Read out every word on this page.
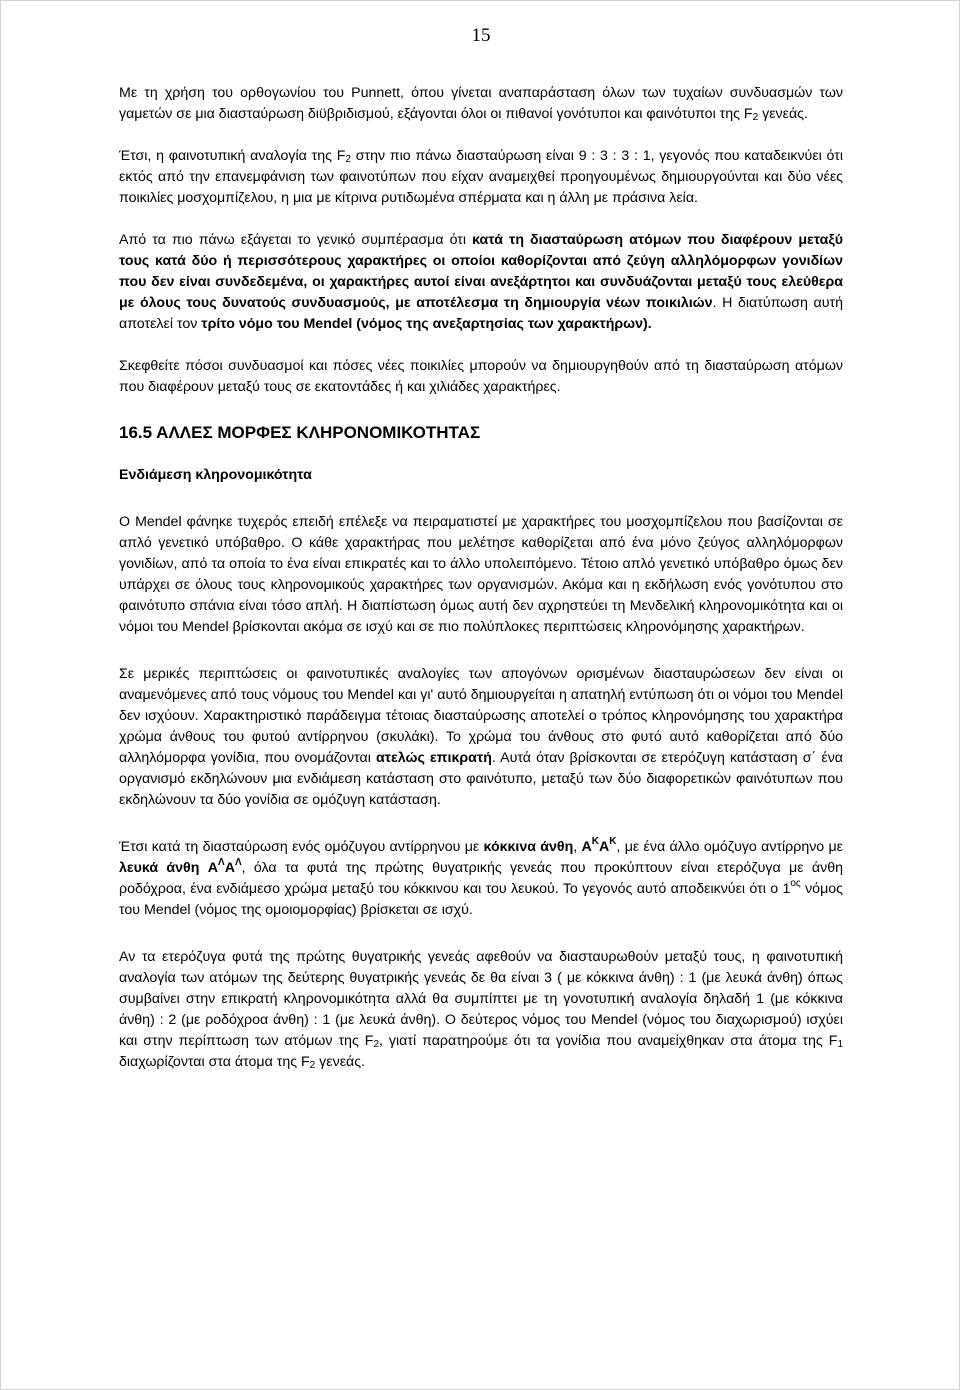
15

Με τη χρήση του ορθογωνίου του Punnett, όπου γίνεται αναπαράσταση όλων των τυχαίων συνδυασμών των γαμετών σε μια διασταύρωση διϋβριδισμού, εξάγονται όλοι οι πιθανοί γονότυποι και φαινότυποι της $F_2$ γενεάς.

Έτσι, η φαινοτυπική αναλογία της $F_2$ στην πιο πάνω διασταύρωση είναι 9 : 3 : 3 : 1, γεγονός που καταδεικνύει ότι εκτός από την επανεμφάνιση των φαινοτύπων που είχαν αναμειχθεί προηγουμένως δημιουργούνται και δύο νέες ποικιλίες μοσχομπίζελου, η μια με κίτρινα ρυτιδωμένα σπέρματα και η άλλη με πράσινα λεία.

Από τα πιο πάνω εξάγεται το γενικό συμπέρασμα ότι κατά τη διασταύρωση ατόμων που διαφέρουν μεταξύ τους κατά δύο ή περισσότερους χαρακτήρες οι οποίοι καθορίζονται από ζεύγη αλληλόμορφων γονιδίων που δεν είναι συνδεδεμένα, οι χαρακτήρες αυτοί είναι ανεξάρτητοι και συνδυάζονται μεταξύ τους ελεύθερα με όλους τους δυνατούς συνδυασμούς, με αποτέλεσμα τη δημιουργία νέων ποικιλιών. Η διατύπωση αυτή αποτελεί τον τρίτο νόμο του Mendel (νόμος της ανεξαρτησίας των χαρακτήρων).

Σκεφθείτε πόσοι συνδυασμοί και πόσες νέες ποικιλίες μπορούν να δημιουργηθούν από τη διασταύρωση ατόμων που διαφέρουν μεταξύ τους σε εκατοντάδες ή και χιλιάδες χαρακτήρες.

16.5 ΑΛΛΕΣ ΜΟΡΦΕΣ ΚΛΗΡΟΝΟΜΙΚΟΤΗΤΑΣ
Ενδιάμεση κληρονομικότητα

Ο Mendel φάνηκε τυχερός επειδή επέλεξε να πειραματιστεί με χαρακτήρες του μοσχομπίζελου που βασίζονται σε απλό γενετικό υπόβαθρο. Ο κάθε χαρακτήρας που μελέτησε καθορίζεται από ένα μόνο ζεύγος αλληλόμορφων γονιδίων, από τα οποία το ένα είναι επικρατές και το άλλο υπολειπόμενο. Τέτοιο απλό γενετικό υπόβαθρο όμως δεν υπάρχει σε όλους τους κληρονομικούς χαρακτήρες των οργανισμών. Ακόμα και η εκδήλωση ενός γονότυπου στο φαινότυπο σπάνια είναι τόσο απλή. Η διαπίστωση όμως αυτή δεν αχρηστεύει τη Μενδελική κληρονομικότητα και οι νόμοι του Mendel βρίσκονται ακόμα σε ισχύ και σε πιο πολύπλοκες περιπτώσεις κληρονόμησης χαρακτήρων.

Σε μερικές περιπτώσεις οι φαινοτυπικές αναλογίες των απογόνων ορισμένων διασταυρώσεων δεν είναι οι αναμενόμενες από τους νόμους του Mendel και γι' αυτό δημιουργείται η απατηλή εντύπωση ότι οι νόμοι του Mendel δεν ισχύουν. Χαρακτηριστικό παράδειγμα τέτοιας διασταύρωσης αποτελεί ο τρόπος κληρονόμησης του χαρακτήρα χρώμα άνθους του φυτού αντίρρηνου (σκυλάκι). Το χρώμα του άνθους στο φυτό αυτό καθορίζεται από δύο αλληλόμορφα γονίδια, που ονομάζονται ατελώς επικρατή. Αυτά όταν βρίσκονται σε ετερόζυγη κατάσταση σ΄ ένα οργανισμό εκδηλώνουν μια ενδιάμεση κατάσταση στο φαινότυπο, μεταξύ των δύο διαφορετικών φαινότυπων που εκδηλώνουν τα δύο γονίδια σε ομόζυγη κατάσταση.

Έτσι κατά τη διασταύρωση ενός ομόζυγου αντίρρηνου με κόκκινα άνθη, $A^KA^K$, με ένα άλλο ομόζυγο αντίρρηνο με λευκά άνθη $A^\Lambda A^\Lambda$, όλα τα φυτά της πρώτης θυγατρικής γενεάς που προκύπτουν είναι ετερόζυγα με άνθη ροδόχροα, ένα ενδιάμεσο χρώμα μεταξύ του κόκκινου και του λευκού. Το γεγονός αυτό αποδεικνύει ότι ο $1^{o\varsigma}$ νόμος του Mendel (νόμος της ομοιομορφίας) βρίσκεται σε ισχύ.

Αν τα ετερόζυγα φυτά της πρώτης θυγατρικής γενεάς αφεθούν να διασταυρωθούν μεταξύ τους, η φαινοτυπική αναλογία των ατόμων της δεύτερης θυγατρικής γενεάς δε θα είναι 3 ( με κόκκινα άνθη) : 1 (με λευκά άνθη) όπως συμβαίνει στην επικρατή κληρονομικότητα αλλά θα συμπίπτει με τη γονοτυπική αναλογία δηλαδή 1 (με κόκκινα άνθη) : 2 (με ροδόχροα άνθη) : 1 (με λευκά άνθη). Ο δεύτερος νόμος του Mendel (νόμος του διαχωρισμού) ισχύει και στην περίπτωση των ατόμων της $F_2$, γιατί παρατηρούμε ότι τα γονίδια που αναμείχθηκαν στα άτομα της $F_1$ διαχωρίζονται στα άτομα της $F_2$ γενεάς.
